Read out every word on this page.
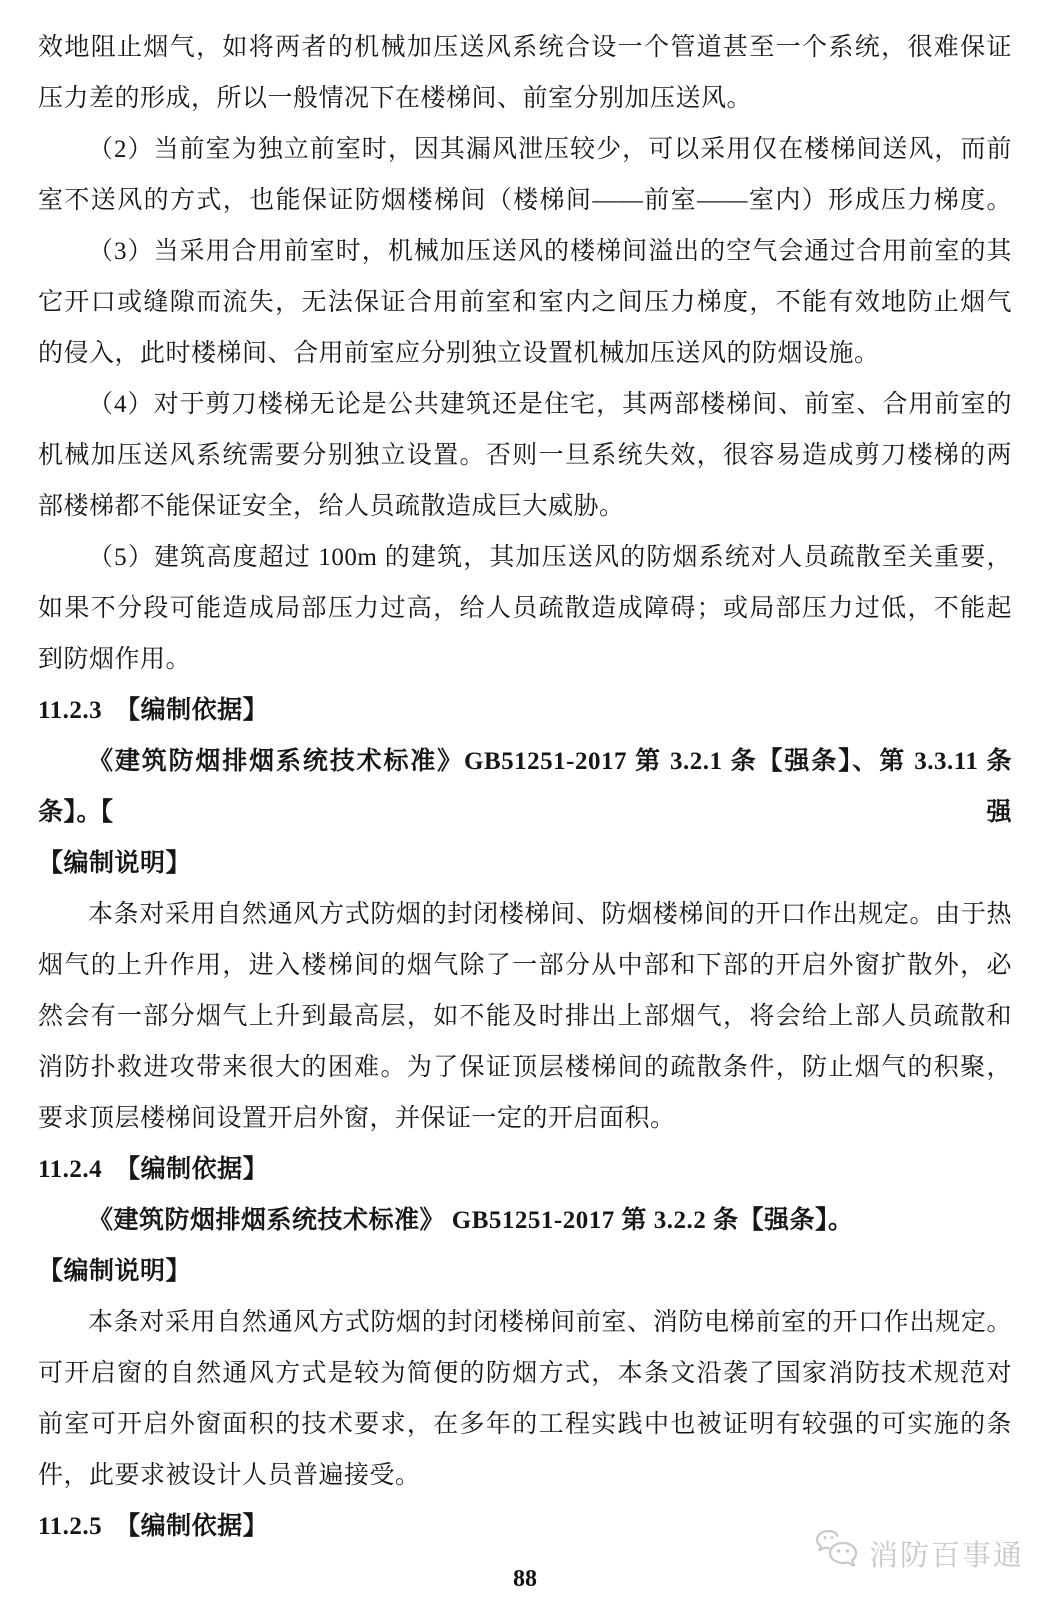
效地阻止烟气，如将两者的机械加压送风系统合设一个管道甚至一个系统，很难保证
压力差的形成，所以一般情况下在楼梯间、前室分别加压送风。
（2）当前室为独立前室时，因其漏风泄压较少，可以采用仅在楼梯间送风，而前
室不送风的方式，也能保证防烟楼梯间（楼梯间——前室——室内）形成压力梯度。
（3）当采用合用前室时，机械加压送风的楼梯间溢出的空气会通过合用前室的其
它开口或缝隙而流失，无法保证合用前室和室内之间压力梯度，不能有效地防止烟气
的侵入，此时楼梯间、合用前室应分别独立设置机械加压送风的防烟设施。
（4）对于剪刀楼梯无论是公共建筑还是住宅，其两部楼梯间、前室、合用前室的
机械加压送风系统需要分别独立设置。否则一旦系统失效，很容易造成剪刀楼梯的两
部楼梯都不能保证安全，给人员疏散造成巨大威胁。
（5）建筑高度超过 100m 的建筑，其加压送风的防烟系统对人员疏散至关重要，
如果不分段可能造成局部压力过高，给人员疏散造成障碍；或局部压力过低，不能起
到防烟作用。
11.2.3　【编制依据】
《建筑防烟排烟系统技术标准》GB51251-2017 第 3.2.1 条【强条】、第 3.3.11 条【强
条】。
【编制说明】
本条对采用自然通风方式防烟的封闭楼梯间、防烟楼梯间的开口作出规定。由于热
烟气的上升作用，进入楼梯间的烟气除了一部分从中部和下部的开启外窗扩散外，必
然会有一部分烟气上升到最高层，如不能及时排出上部烟气，将会给上部人员疏散和
消防扑救进攻带来很大的困难。为了保证顶层楼梯间的疏散条件，防止烟气的积聚，
要求顶层楼梯间设置开启外窗，并保证一定的开启面积。
11.2.4　【编制依据】
《建筑防烟排烟系统技术标准》 GB51251-2017 第 3.2.2 条【强条】。
【编制说明】
本条对采用自然通风方式防烟的封闭楼梯间前室、消防电梯前室的开口作出规定。
可开启窗的自然通风方式是较为简便的防烟方式，本条文沿袭了国家消防技术规范对
前室可开启外窗面积的技术要求，在多年的工程实践中也被证明有较强的可实施的条
件，此要求被设计人员普遍接受。
11.2.5　【编制依据】
消防百事通
88
